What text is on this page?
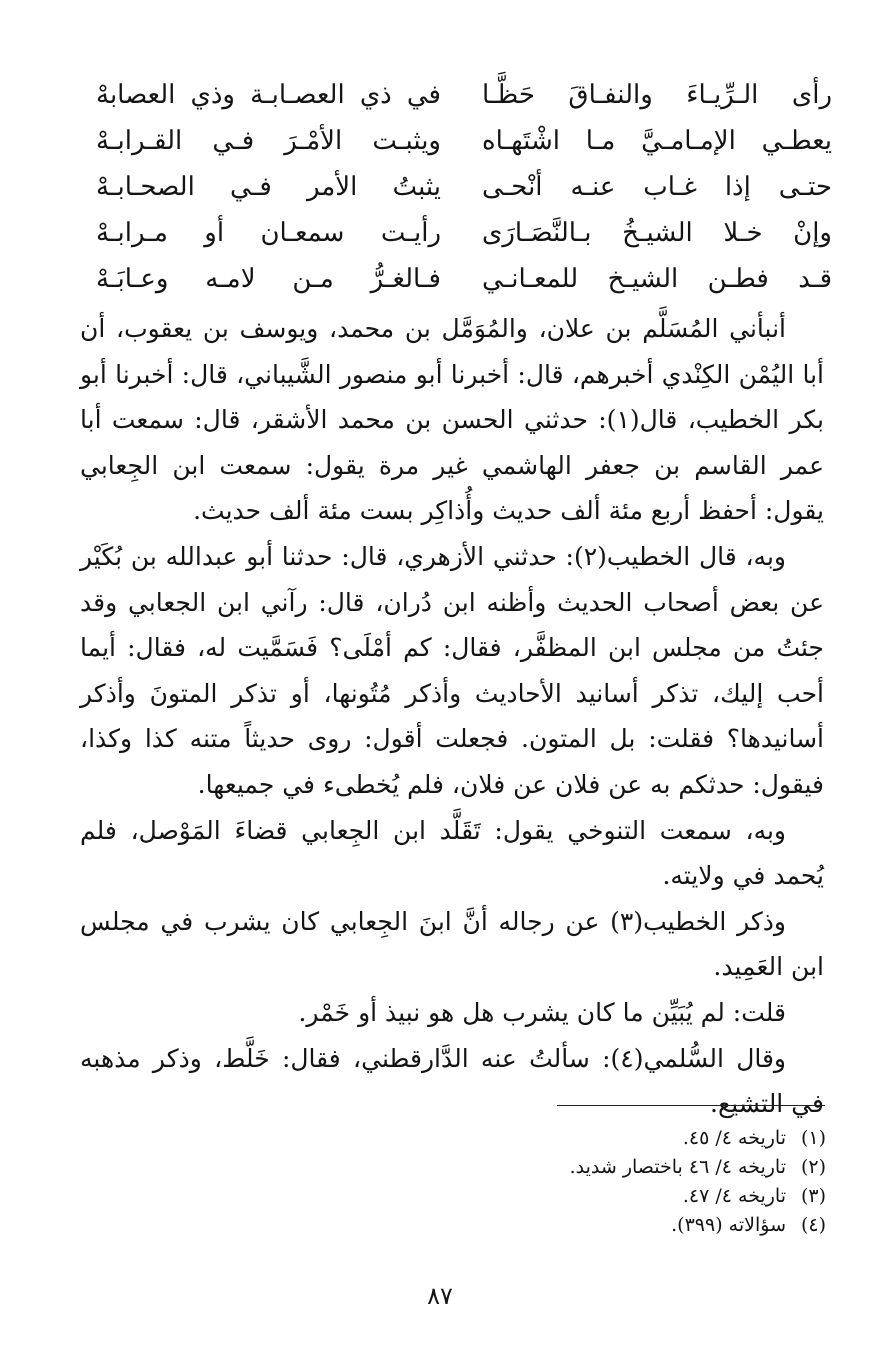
رأى الـرِّيـاءَ والنفـاقَ حَظَّـا
في ذي العصـابـة وذي العصابهْ
يعطـي الإمـامـيَّ مـا اشْتَهـاه
ويثبـت الأمْـرَ فـي القـرابـهْ
حتـى إذا غـاب عنـه أنْحـى
يثبتُ الأمر فـي الصحـابـهْ
وإنْ خـلا الشيـخُ بـالنَّصَـارَى
رأيـت سمعـان أو مـرابـهْ
قـد فطـن الشيـخ للمعـانـي
فـالغـرُّ مـن لامـه وعـابَـهْ

أنبأني المُسَلَّم بن علان، والمُوَمَّل بن محمد، ويوسف بن يعقوب، أن أبا اليُمْن الكِنْدي أخبرهم، قال: أخبرنا أبو منصور الشَّيباني، قال: أخبرنا أبو بكر الخطيب، قال(١): حدثني الحسن بن محمد الأشقر، قال: سمعت أبا عمر القاسم بن جعفر الهاشمي غير مرة يقول: سمعت ابن الجِعابي يقول: أحفظ أربع مئة ألف حديث وأُذاكِر بست مئة ألف حديث.

وبه، قال الخطيب(٢): حدثني الأزهري، قال: حدثنا أبو عبدالله بن بُكَيْر عن بعض أصحاب الحديث وأظنه ابن دُران، قال: رآني ابن الجعابي وقد جئتُ من مجلس ابن المظفَّر، فقال: كم أمْلَى؟ فَسَمَّيت له، فقال: أيما أحب إليك، تذكر أسانيد الأحاديث وأذكر مُتُونها، أو تذكر المتونَ وأذكر أسانيدها؟ فقلت: بل المتون. فجعلت أقول: روى حديثاً متنه كذا وكذا، فيقول: حدثكم به عن فلان عن فلان، فلم يُخطىء في جميعها.

وبه، سمعت التنوخي يقول: تَقَلَّد ابن الجِعابي قضاءَ المَوْصل، فلم يُحمد في ولايته.

وذكر الخطيب(٣) عن رجاله أنَّ ابنَ الجِعابي كان يشرب في مجلس ابن العَمِيد.

قلت: لم يُبَيِّن ما كان يشرب هل هو نبيذ أو خَمْر.

وقال السُّلمي(٤): سألتُ عنه الدَّارقطني، فقال: خَلَّط، وذكر مذهبه في التشيع.

(١)
تاريخه ٤/ ٤٥.
(٢)
تاريخه ٤/ ٤٦ باختصار شديد.
(٣)
تاريخه ٤/ ٤٧.
(٤)
سؤالاته (٣٩٩).
٨٧
